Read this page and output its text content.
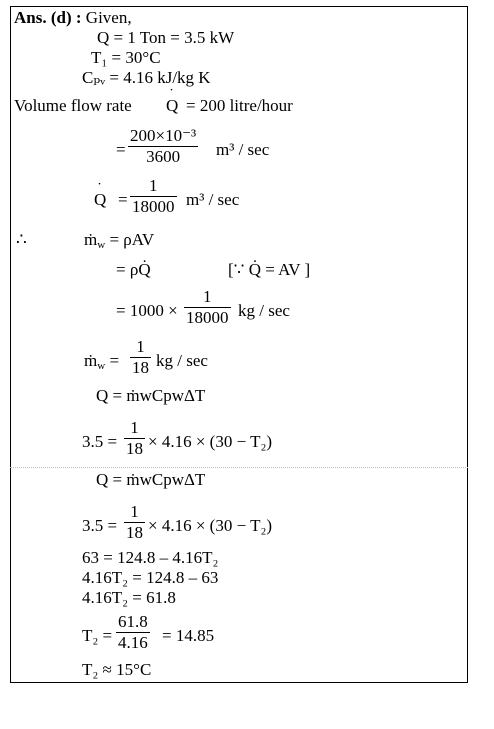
Ans. (d) : Given,
Q = 1 Ton = 3.5 kW
T₁ = 30°C
Cₚᵥ = 4.16 kJ/kg K
Volume flow rate
˙ Q = 200 litre/hour
= $\frac{\text{200×10⁻³}}{3600} m^3$ / sec
˙ $Q = \frac{1}{18000} m^3 / \sec$
∴	ṁ$_w$ = ρAV
= ρQ̇	[∵ Q̇ = AV ]
= $1000 \times \frac{1}{18000}$ kg / sec
ṁ$_w$ = $\frac{1}{18}$ kg / sec
Q = ṁwCpwΔT
$3.5 = \frac{1}{18} \times 4.16 \times (30 - T_2)$
Q = ṁwCpwΔT
$3.5 = \frac{1}{18} \times 4.16 \times (30 - T_2)$
63 = 124.8 – 4.16T₂
4.16T₂ = 124.8 – 63
4.16T₂ = 61.8
$T_2 = \frac{61.8}{4.16} = 14.85$
T₂ ≈ 15°C
